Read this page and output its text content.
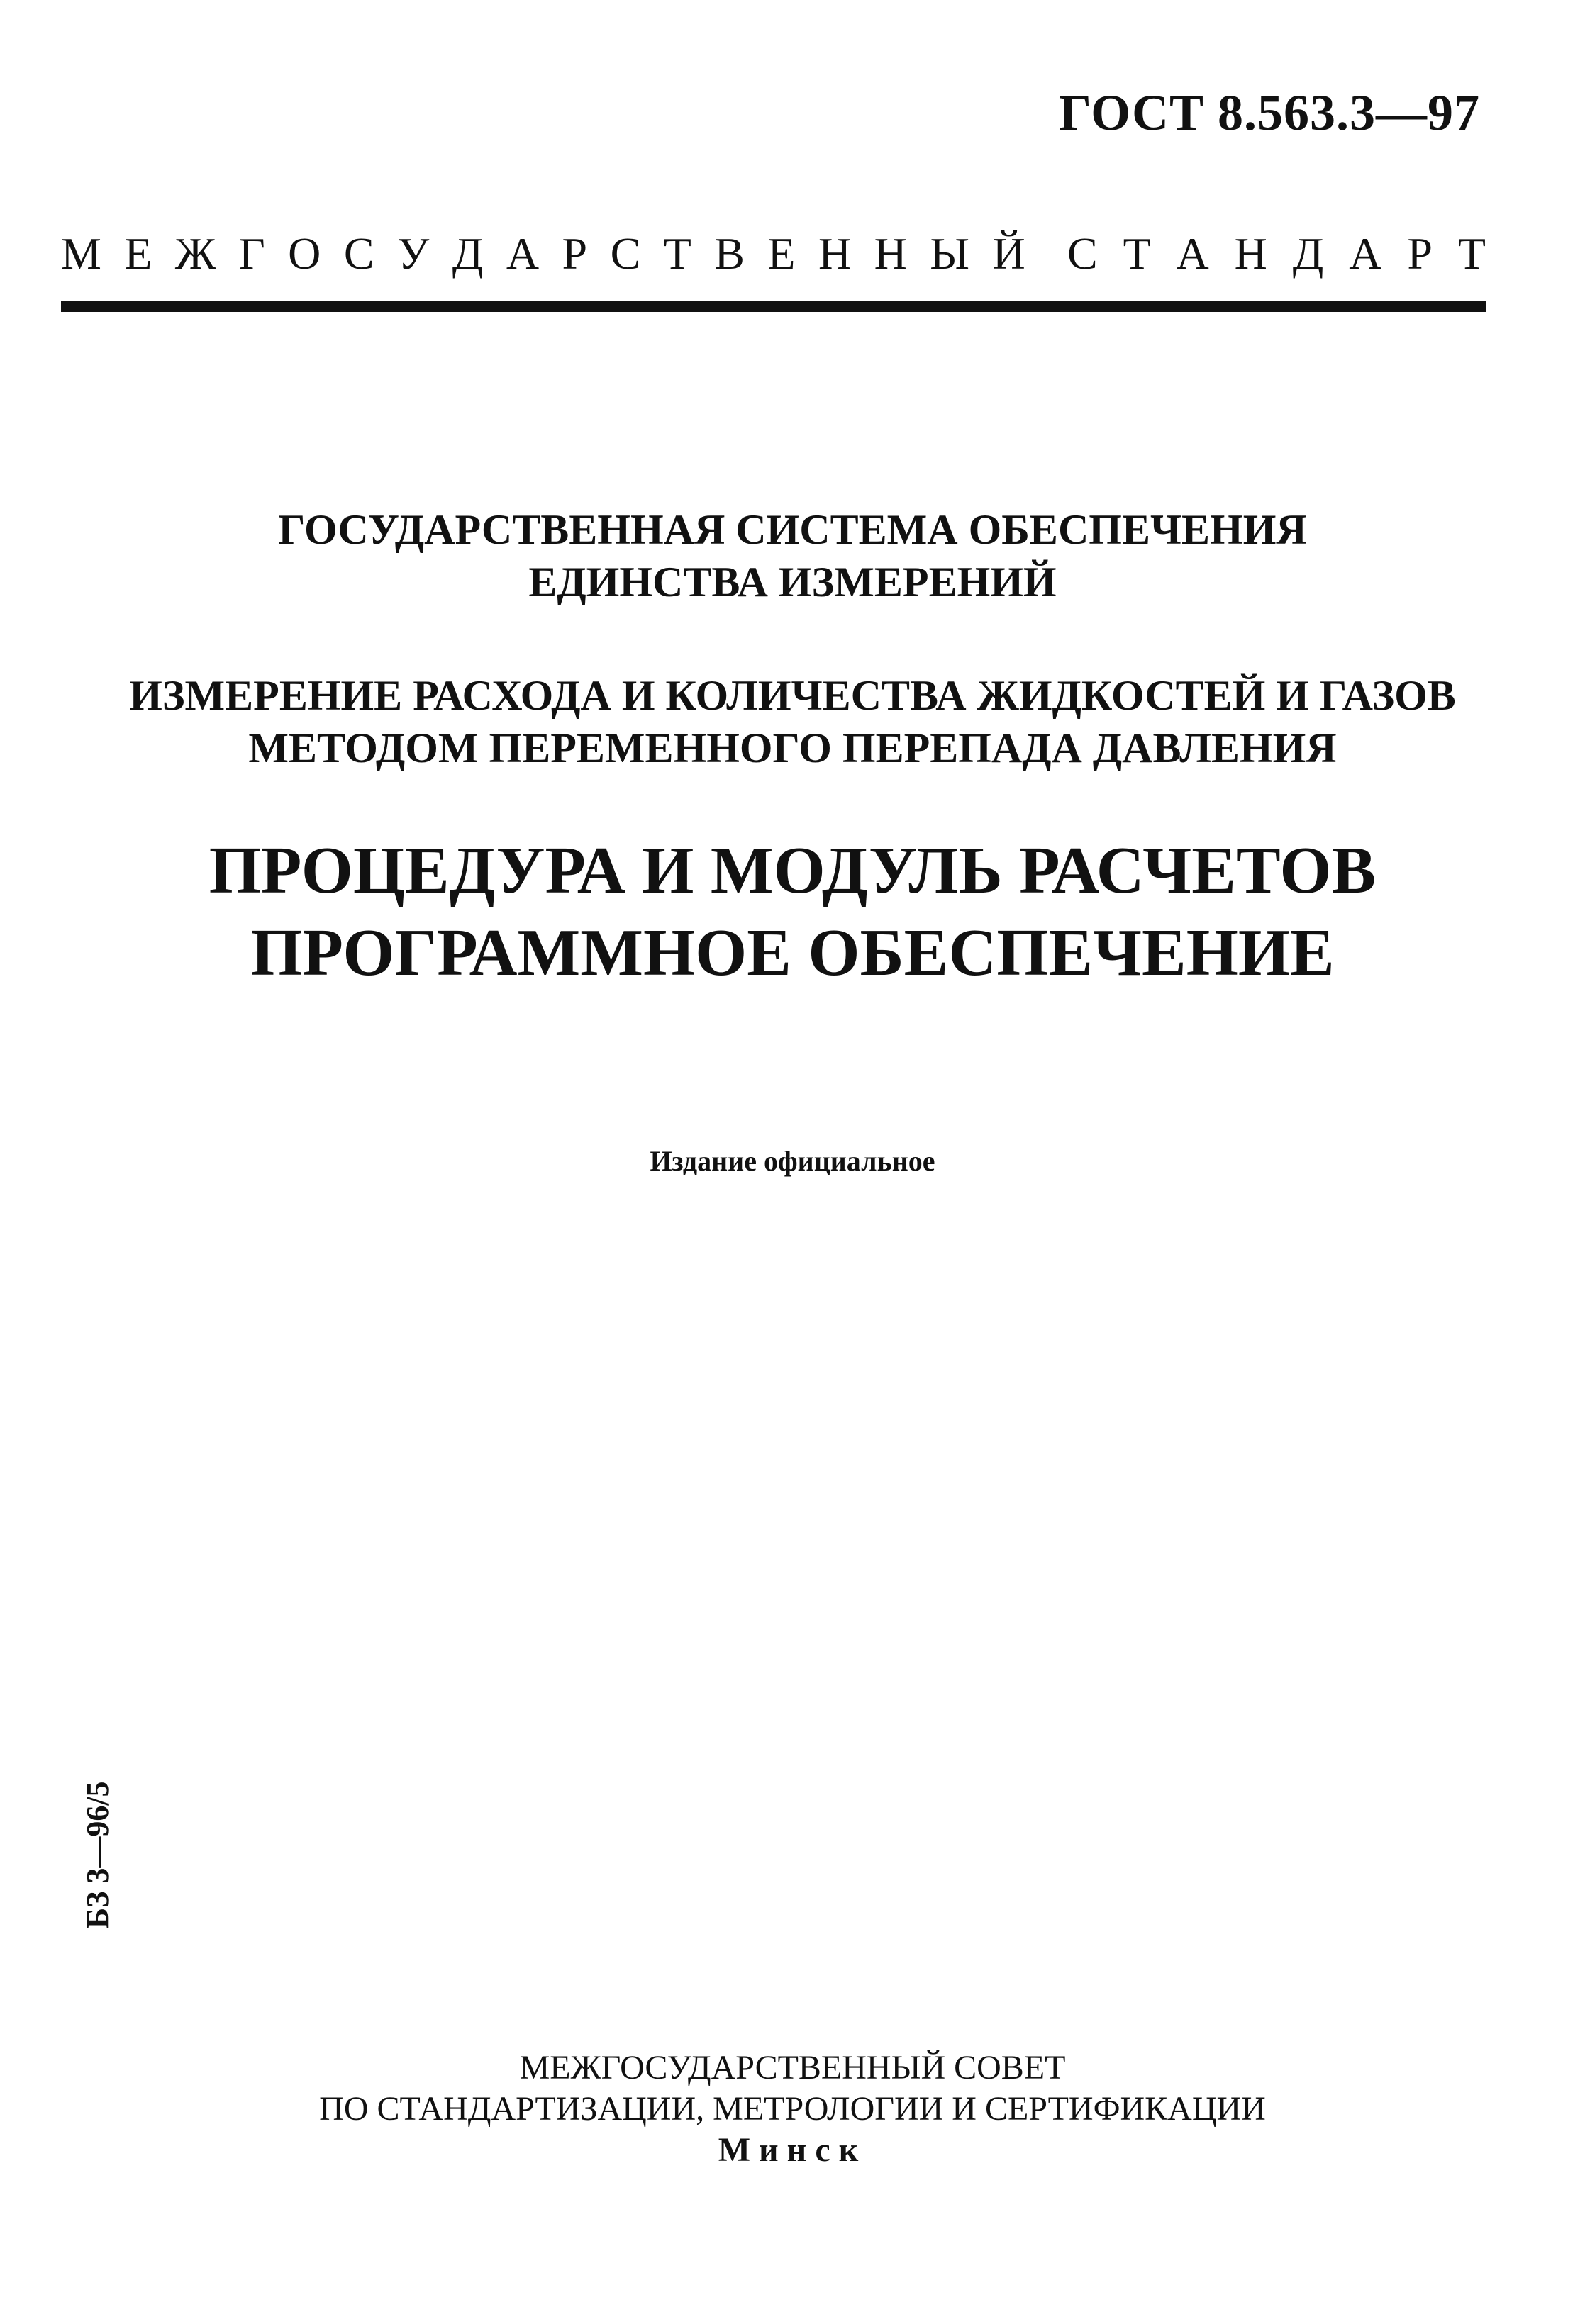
ГОСТ 8.563.3—97
М Е Ж Г О С У Д А Р С Т В Е Н Н Ы Й С Т А Н Д А Р Т
ГОСУДАРСТВЕННАЯ СИСТЕМА ОБЕСПЕЧЕНИЯ
ЕДИНСТВА ИЗМЕРЕНИЙ
ИЗМЕРЕНИЕ РАСХОДА И КОЛИЧЕСТВА ЖИДКОСТЕЙ И ГАЗОВ
МЕТОДОМ ПЕРЕМЕННОГО ПЕРЕПАДА ДАВЛЕНИЯ
ПРОЦЕДУРА И МОДУЛЬ РАСЧЕТОВ
ПРОГРАММНОЕ ОБЕСПЕЧЕНИЕ
Издание официальное
БЗ 3—96/5
МЕЖГОСУДАРСТВЕННЫЙ СОВЕТ
ПО СТАНДАРТИЗАЦИИ, МЕТРОЛОГИИ И СЕРТИФИКАЦИИ
Минск
